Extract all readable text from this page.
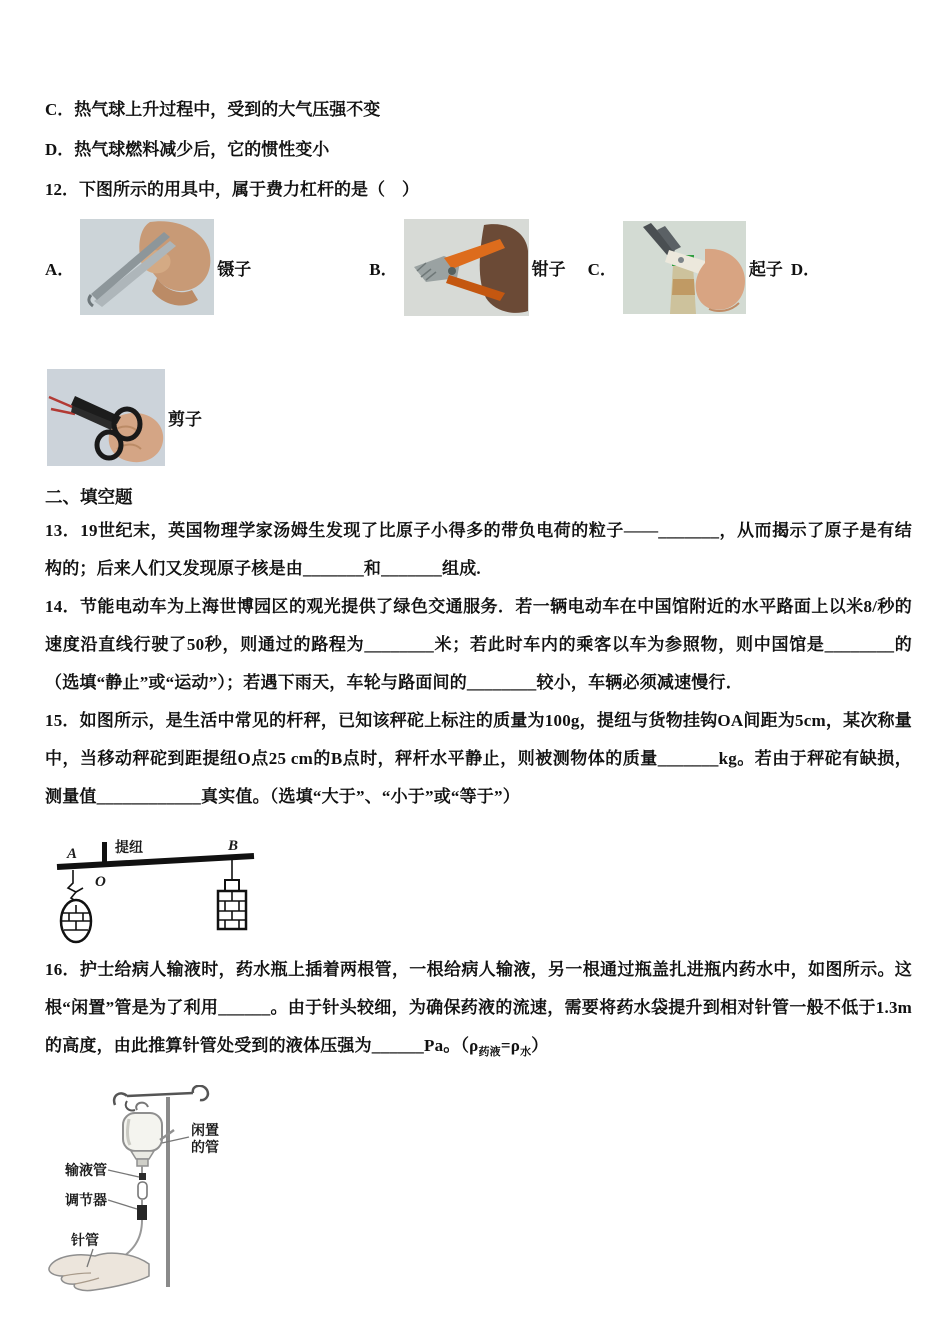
C．热气球上升过程中，受到的大气压强不变

D．热气球燃料减少后，它的惯性变小

12．下图所示的用具中，属于费力杠杆的是（　）

A．	镊子	B．	钳子 C．	起子 D．
剪子

二、填空题

13．19世纪末，英国物理学家汤姆生发现了比原子小得多的带负电荷的粒子——_______，从而揭示了原子是有结构的；后来人们又发现原子核是由_______和_______组成.

14．节能电动车为上海世博园区的观光提供了绿色交通服务．若一辆电动车在中国馆附近的水平路面上以米8/秒的速度沿直线行驶了50秒，则通过的路程为________米；若此时车内的乘客以车为参照物，则中国馆是________的（选填“静止”或“运动”）；若遇下雨天，车轮与路面间的________较小，车辆必须减速慢行．

15．如图所示，是生活中常见的杆秤，已知该秤砣上标注的质量为100g，提纽与货物挂钩OA间距为5cm，某次称量中，当移动秤砣到距提纽O点25 cm的B点时，秤杆水平静止，则被测物体的质量_______kg。若由于秤砣有缺损，测量值____________真实值。（选填“大于”、“小于”或“等于”）

A	提纽
O
B

16．护士给病人输液时，药水瓶上插着两根管，一根给病人输液，另一根通过瓶盖扎进瓶内药水中，如图所示。这根“闲置”管是为了利用______。由于针头较细，为确保药液的流速，需要将药水袋提升到相对针管一般不低于1.3m的高度，由此推算针管处受到的液体压强为______Pa。$(\rho_{药液}=\rho_水)$

闲置
的管
输液管
调节器
针管
